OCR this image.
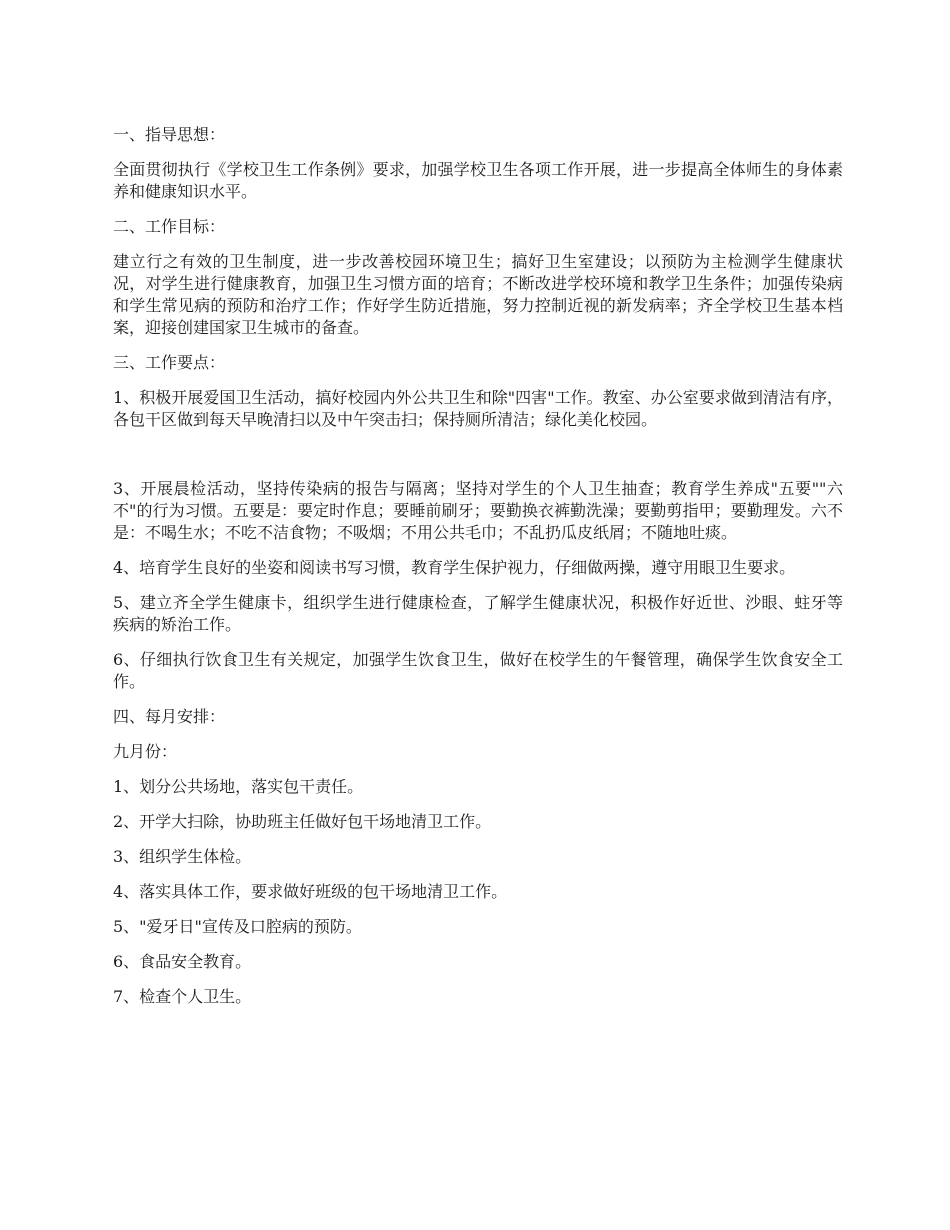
一、指导思想：

全面贯彻执行《学校卫生工作条例》要求，加强学校卫生各项工作开展，进一步提高全体师生的身体素养和健康知识水平。

二、工作目标：

建立行之有效的卫生制度，进一步改善校园环境卫生；搞好卫生室建设；以预防为主检测学生健康状况，对学生进行健康教育，加强卫生习惯方面的培育；不断改进学校环境和教学卫生条件；加强传染病和学生常见病的预防和治疗工作；作好学生防近措施，努力控制近视的新发病率；齐全学校卫生基本档案，迎接创建国家卫生城市的备查。

三、工作要点：

1、积极开展爱国卫生活动，搞好校园内外公共卫生和除"四害"工作。教室、办公室要求做到清洁有序，各包干区做到每天早晚清扫以及中午突击扫；保持厕所清洁；绿化美化校园。

3、开展晨检活动，坚持传染病的报告与隔离；坚持对学生的个人卫生抽查；教育学生养成"五要""六不"的行为习惯。五要是：要定时作息；要睡前刷牙；要勤换衣裤勤洗澡；要勤剪指甲；要勤理发。六不是：不喝生水；不吃不洁食物；不吸烟；不用公共毛巾；不乱扔瓜皮纸屑；不随地吐痰。

4、培育学生良好的坐姿和阅读书写习惯，教育学生保护视力，仔细做两操，遵守用眼卫生要求。

5、建立齐全学生健康卡，组织学生进行健康检查，了解学生健康状况，积极作好近世、沙眼、蛀牙等疾病的矫治工作。

6、仔细执行饮食卫生有关规定，加强学生饮食卫生，做好在校学生的午餐管理，确保学生饮食安全工作。

四、每月安排：

九月份：

1、划分公共场地，落实包干责任。

2、开学大扫除，协助班主任做好包干场地清卫工作。

3、组织学生体检。

4、落实具体工作，要求做好班级的包干场地清卫工作。

5、"爱牙日"宣传及口腔病的预防。

6、食品安全教育。

7、检查个人卫生。
